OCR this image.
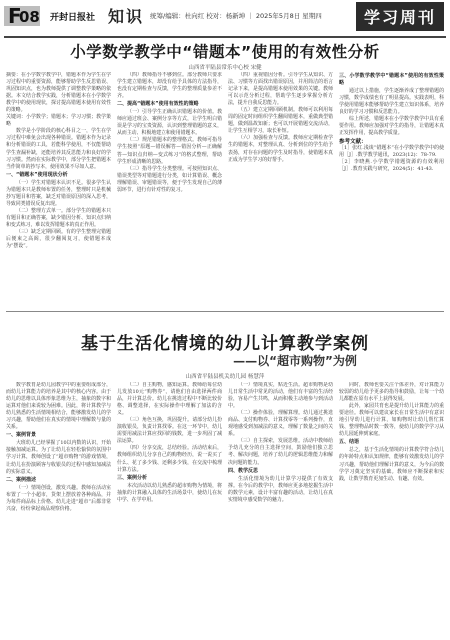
F
08 开封日报社 知识 统筹/编辑：杜向红 校对：杨新坤 ｜ 2025年5月8日 星期四	学习周刊
小学数学教学中“错题本”使用的有效性分析
山西省平陆县常乐中心校 宋健

摘要：在小学数学教学中，错题本作为学生在学习过程中的重要资源，能够帮助学生反思错误、巩固知识点，也为教师提供了调整教学策略的依据。本文结合教学实践，分析错题本在小学数学教学中的使用现状，探讨提高错题本使用有效性的策略。

关键词：小学数学；错题本；学习习惯；教学策略

数学是小学阶段的核心科目之一，学生在学习过程中难免会出现各种错误。错题本作为记录和分析错误的工具，若能科学使用，不仅能帮助学生查漏补缺，还能培养其反思能力和良好的学习习惯。然而在实际教学中，部分学生把错题本当作简单的抄写本，使用效果不尽如人意。

一、“错题本”使用现状分析

（一）学生对错题本认识不足。很多学生认为错题本只是教师布置的任务，整理时只是机械抄写题目和答案，缺乏对错误原因的深入思考，导致同类错误反复出现。

（二）整理方式单一。部分学生的错题本只有题目和正确答案，缺少错因分析、知识点归纳和变式练习，难以发挥错题本的真正作用。

（三）缺乏定期回顾。有的学生整理完错题后便束之高阁，很少翻阅复习，使错题本成为“摆设”。

（四）教师指导不够到位。部分教师只要求学生建立错题本，却没有给予具体的方法指导，也没有定期检查与反馈，学生的整理质量参差不齐。

二、提高“错题本”使用有效性的策略

（一）引导学生正确认识错题本的价值。教师应通过班会、案例分享等方式，让学生明白错误是学习的宝贵资源，认识到整理错题的意义，从而主动、积极地建立和使用错题本。

（二）规范错题本的整理格式。教师可指导学生按照“原题—错误解答—错因分析—正确解答—知识点归纳—变式练习”的格式整理，帮助学生形成清晰的思路。

（三）指导学生分类整理。可按照知识点、错误类型等对错题进行分类，如计算错误、概念理解错误、审题错误等，便于学生发现自己的薄弱环节，进行有针对性的复习。

（四）重视错因分析。引导学生从知识、方法、习惯等方面找出错误原因，并用简洁的语言记录下来，是提高错题本使用效果的关键。教师可以示范分析过程，帮助学生逐步掌握分析方法，提升自我反思能力。

（五）建立定期回顾机制。教师可以利用每周的固定时间组织学生翻阅错题本，重做典型错题，做到温故知新；也可以开展错题交流活动，让学生互相学习，取长补短。

（六）加强检查与反馈。教师应定期检查学生的错题本，对整理认真、分析到位的学生给予表扬，对存在问题的学生及时指导，使错题本真正成为学生学习的好帮手。

三、小学数学教学中“错题本”使用的有效性策略

通过以上措施，学生逐渐养成了整理错题的习惯，数学成绩也有了明显提高。实践表明，科学使用错题本能够帮助学生建立知识体系，培养良好的学习习惯和反思能力。

综上所述，错题本在小学数学教学中具有重要作用。教师应加强对学生的指导，让错题本真正发挥作用，提高教学质量。

参考文献：
［1］张红.浅谈“错题本”在小学数学教学中的使用［J］.数学教学通讯，2023(12)：78-79.
［2］李晓燕.小学数学错题资源的有效利用［J］.教育实践与研究，2024(5)：41-43.
基于生活化情境的幼儿计算教学案例
——以“超市购物”为例
山西省平陆县机关幼儿园 杨慧萍

数学教育是幼儿园教学中的重要组成部分，而幼儿计算能力的培养是其中的核心内容。由于幼儿的思维以具体形象思维为主，抽象的数字和运算对他们来说较为困难。因此，将计算教学与幼儿熟悉的生活情境相结合，能够激发幼儿的学习兴趣，帮助他们在真实的情境中理解数与量的关系。

一、案例背景

大班幼儿已经掌握了10以内数的认识，开始接触加减运算。为了让幼儿在轻松愉快的氛围中学习计算，教师创设了“超市购物”的游戏情境，让幼儿在扮演顾客与收银员的过程中感知加减法的实际意义。

二、案例描述

（一）情境创设，激发兴趣。教师在活动室布置了一个小超市，货架上摆放着各种商品，并为每件商品标上价格。幼儿走进“超市”后都非常兴奋，纷纷拿起商品观察价格。

（二）自主购物，感知运算。教师给每位幼儿发放10元“购物券”，请他们自由选择两件商品，并计算总价。幼儿在挑选过程中不断比较价格、调整选择，在实际操作中理解了加法的含义。

（三）角色互换，巩固提升。请部分幼儿扮演收银员，负责计算找零。在这一环节中，幼儿需要用减法计算应找回的钱数，进一步巩固了减法运算。

（四）分享交流，总结经验。活动结束后，教师组织幼儿分享自己的购物经历，说一说买了什么、花了多少钱、还剩多少钱，在交流中梳理计算方法。

三、案例分析

本次活动以幼儿熟悉的超市购物为情境，将抽象的计算融入具体的生活场景中，使幼儿在玩中学、在学中用。

（一）情境真实，贴近生活。超市购物是幼儿日常生活中常见的活动，他们有丰富的生活经验，容易产生共鸣，从而积极主动地参与到活动中。

（二）操作体验，理解算理。幼儿通过挑选商品、支付购物券、计算找零等一系列操作，直观地感受到加减法的意义，理解了数量之间的关系。

（三）自主探索，发展思维。活动中教师给予幼儿充分的自主选择空间，鼓励他们独立思考、解决问题，培养了幼儿的逻辑思维能力和解决问题的能力。

四、教学反思

生活化情境为幼儿计算学习提供了有效支撑。在今后的教学中，教师应更多地挖掘生活中的数学元素，设计丰富有趣的活动，让幼儿在真实情境中感受数学的魅力。

同时，教师也要关注个体差异，对计算能力较弱的幼儿给予更多的指导和鼓励，让每一个幼儿都能在原有水平上获得发展。

此外，家园共育也是提升幼儿计算能力的重要途径。教师可以建议家长在日常生活中有意识地引导幼儿进行计算，如购物时让幼儿帮忙算钱、整理物品时数一数等，使幼儿的数学学习从幼儿园延伸到家庭。

五、结语

总之，基于生活化情境的计算教学符合幼儿的年龄特点和认知规律，能够有效激发幼儿的学习兴趣，帮助他们理解计算的意义，为今后的数学学习奠定坚实的基础。教师应不断探索和实践，让数学教育更加生动、有趣、有效。
